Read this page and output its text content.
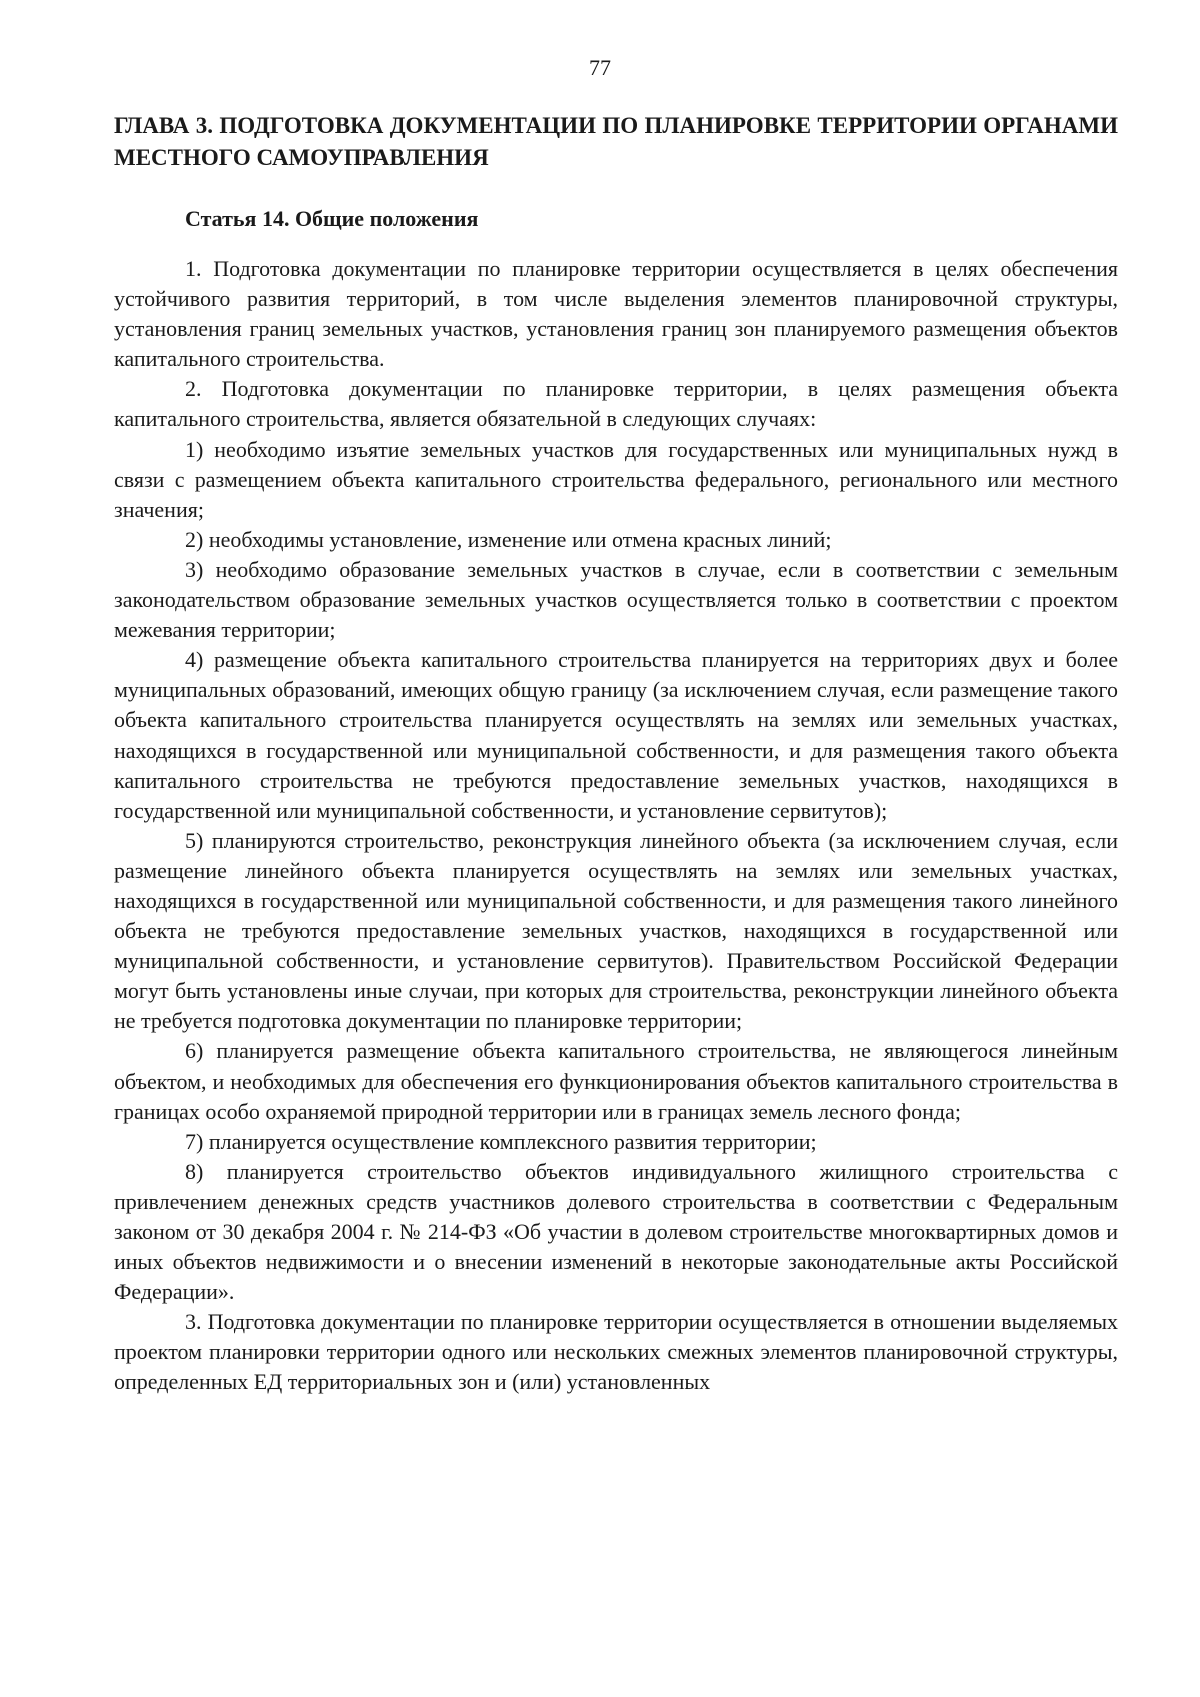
77
ГЛАВА 3. ПОДГОТОВКА ДОКУМЕНТАЦИИ ПО ПЛАНИРОВКЕ ТЕРРИТОРИИ ОРГАНАМИ МЕСТНОГО САМОУПРАВЛЕНИЯ
Статья 14. Общие положения

1. Подготовка документации по планировке территории осуществляется в целях обеспечения устойчивого развития территорий, в том числе выделения элементов планировочной структуры, установления границ земельных участков, установления границ зон планируемого размещения объектов капитального строительства.

2. Подготовка документации по планировке территории, в целях размещения объекта капитального строительства, является обязательной в следующих случаях:

1) необходимо изъятие земельных участков для государственных или муниципальных нужд в связи с размещением объекта капитального строительства федерального, регионального или местного значения;

2) необходимы установление, изменение или отмена красных линий;

3) необходимо образование земельных участков в случае, если в соответствии с земельным законодательством образование земельных участков осуществляется только в соответствии с проектом межевания территории;

4) размещение объекта капитального строительства планируется на территориях двух и более муниципальных образований, имеющих общую границу (за исключением случая, если размещение такого объекта капитального строительства планируется осуществлять на землях или земельных участках, находящихся в государственной или муниципальной собственности, и для размещения такого объекта капитального строительства не требуются предоставление земельных участков, находящихся в государственной или муниципальной собственности, и установление сервитутов);

5) планируются строительство, реконструкция линейного объекта (за исключением случая, если размещение линейного объекта планируется осуществлять на землях или земельных участках, находящихся в государственной или муниципальной собственности, и для размещения такого линейного объекта не требуются предоставление земельных участков, находящихся в государственной или муниципальной собственности, и установление сервитутов). Правительством Российской Федерации могут быть установлены иные случаи, при которых для строительства, реконструкции линейного объекта не требуется подготовка документации по планировке территории;

6) планируется размещение объекта капитального строительства, не являющегося линейным объектом, и необходимых для обеспечения его функционирования объектов капитального строительства в границах особо охраняемой природной территории или в границах земель лесного фонда;

7) планируется осуществление комплексного развития территории;

8) планируется строительство объектов индивидуального жилищного строительства с привлечением денежных средств участников долевого строительства в соответствии с Федеральным законом от 30 декабря 2004 г. № 214-ФЗ «Об участии в долевом строительстве многоквартирных домов и иных объектов недвижимости и о внесении изменений в некоторые законодательные акты Российской Федерации».

3. Подготовка документации по планировке территории осуществляется в отношении выделяемых проектом планировки территории одного или нескольких смежных элементов планировочной структуры, определенных ЕД территориальных зон и (или) установленных
